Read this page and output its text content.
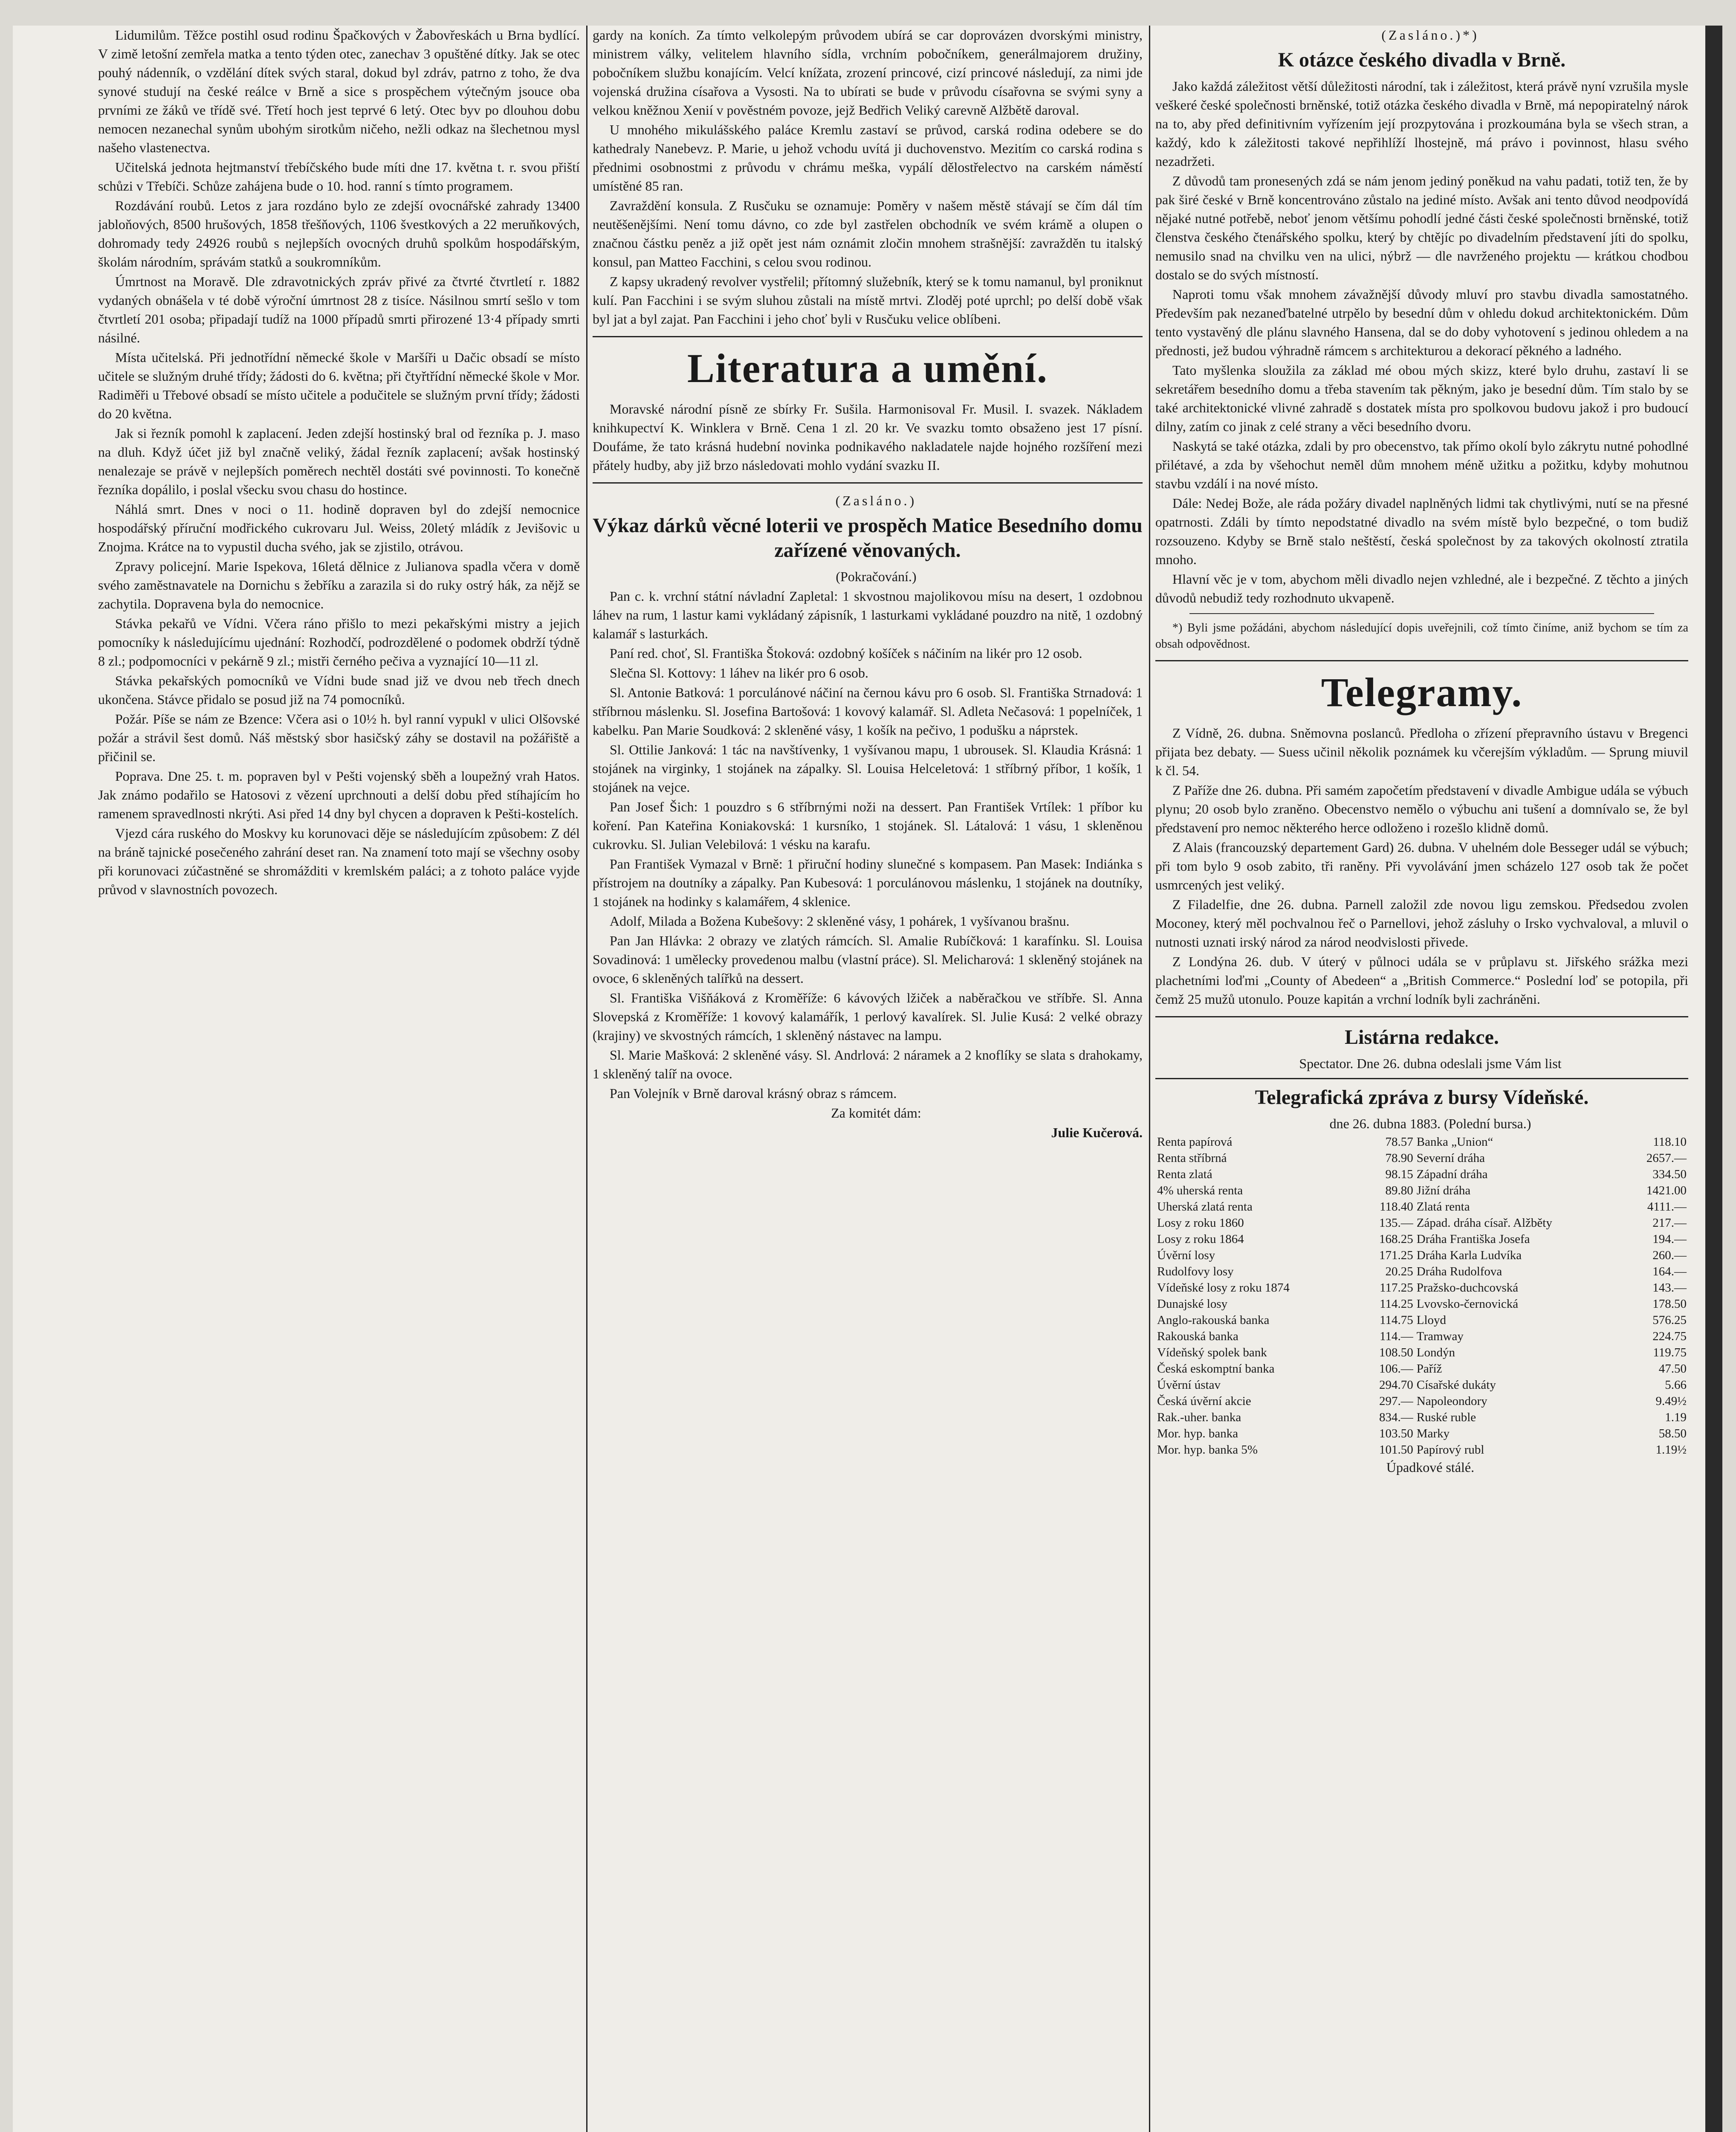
Lidumilům. Těžce postihl osud rodinu Špačkových v Žabovřeskách u Brna bydlící. V zimě letošní zemřela matka a tento týden otec, zanechav 3 opuštěné dítky. Jak se otec pouhý nádenník, o vzdělání dítek svých staral, dokud byl zdráv, patrno z toho, že dva synové studují na české reálce v Brně a sice s prospěchem výtečným jsouce oba prvními ze žáků ve třídě své. Třetí hoch jest teprvé 6 letý. Otec byv po dlouhou dobu nemocen nezanechal synům ubohým sirotkům ničeho, nežli odkaz na šlechetnou mysl našeho vlastenectva.

Učitelská jednota hejtmanství třebíčského bude míti dne 17. května t. r. svou přiští schůzi v Třebíči. Schůze zahájena bude o 10. hod. ranní s tímto programem.

Rozdávání roubů. Letos z jara rozdáno bylo ze zdejší ovocnářské zahrady 13400 jabloňových, 8500 hrušových, 1858 třešňových, 1106 švestkových a 22 meruňkových, dohromady tedy 24926 roubů s nejlepších ovocných druhů spolkům hospodářským, školám národním, správám statků a soukromníkům.

Úmrtnost na Moravě. Dle zdravotnických zpráv přivé za čtvrté čtvrtletí r. 1882 vydaných obnášela v té době výroční úmrtnost 28 z tisíce. Násilnou smrtí sešlo v tom čtvrtletí 201 osoba; připadají tudíž na 1000 případů smrti přirozené 13·4 případy smrti násilné.

Místa učitelská. Při jednotřídní německé škole v Maršíři u Dačic obsadí se místo učitele se služným druhé třídy; žádosti do 6. května; při čtyřtřídní německé škole v Mor. Radiměři u Třebové obsadí se místo učitele a podučitele se služným první třídy; žádosti do 20 května.

Jak si řezník pomohl k zaplacení. Jeden zdejší hostinský bral od řezníka p. J. maso na dluh. Když účet již byl značně veliký, žádal řezník zaplacení; avšak hostinský nenalezaje se právě v nejlepších poměrech nechtěl dostáti své povinnosti. To konečně řezníka dopálilo, i poslal všecku svou chasu do hostince.

Náhlá smrt. Dnes v noci o 11. hodině dopraven byl do zdejší nemocnice hospodářský příruční modřického cukrovaru Jul. Weiss, 20letý mládík z Jevišovic u Znojma. Krátce na to vypustil ducha svého, jak se zjistilo, otrávou.

Zpravy policejní. Marie Ispekova, 16letá dělnice z Julianova spadla včera v domě svého zaměstnavatele na Dornichu s žebříku a zarazila si do ruky ostrý hák, za nějž se zachytila. Dopravena byla do nemocnice.

Stávka pekařů ve Vídni. Včera ráno přišlo to mezi pekařskými mistry a jejich pomocníky k následujícímu ujednání: Rozhodčí, podrozdělené o podomek obdrží týdně 8 zl.; podpomocníci v pekárně 9 zl.; mistři černého pečiva a vyznající 10—11 zl.

Stávka pekařských pomocníků ve Vídni bude snad již ve dvou neb třech dnech ukončena. Stávce přidalo se posud již na 74 pomocníků.

Požár. Píše se nám ze Bzence: Včera asi o 10½ h. byl ranní vypukl v ulici Olšovské požár a strávil šest domů. Náš městský sbor hasičský záhy se dostavil na požářiště a přičinil se.

Poprava. Dne 25. t. m. popraven byl v Pešti vojenský sběh a loupežný vrah Hatos. Jak známo podařilo se Hatosovi z vězení uprchnouti a delší dobu před stíhajícím ho ramenem spravedlnosti nkrýti. Asi před 14 dny byl chycen a dopraven k Pešti-kostelích.

Vjezd cára ruského do Moskvy ku korunovaci děje se následujícím způsobem: Z dél na bráně tajnické posečeného zahrání deset ran. Na znamení toto mají se všechny osoby při korunovaci zúčastněné se shromážditi v kremlském paláci; a z tohoto paláce vyjde průvod v slavnostních povozech.

gardy na koních. Za tímto velkolepým průvodem ubírá se car doprovázen dvorskými ministry, ministrem války, velitelem hlavního sídla, vrchním pobočníkem, generálmajorem družiny, pobočníkem službu konajícím. Velcí knížata, zrození princové, cizí princové následují, za nimi jde vojenská družina císařova a Vysosti. Na to ubírati se bude v průvodu císařovna se svými syny a velkou kněžnou Xenií v pověstném povoze, jejž Bedřich Veliký carevně Alžbětě daroval.

U mnohého mikulášského paláce Kremlu zastaví se průvod, carská rodina odebere se do kathedraly Nanebevz. P. Marie, u jehož vchodu uvítá ji duchovenstvo. Mezitím co carská rodina s přednimi osobnostmi z průvodu v chrámu meška, vypálí dělostřelectvo na carském náměstí umístěné 85 ran.

Zavraždění konsula. Z Rusčuku se oznamuje: Poměry v našem městě stávají se čím dál tím neutěšenějšími. Není tomu dávno, co zde byl zastřelen obchodník ve svém krámě a olupen o značnou částku peněz a již opět jest nám oznámit zločin mnohem strašnější: zavražděn tu italský konsul, pan Matteo Facchini, s celou svou rodinou.

Z kapsy ukradený revolver vystřelil; přítomný služebník, který se k tomu namanul, byl proniknut kulí. Pan Facchini i se svým sluhou zůstali na místě mrtvi. Zloděj poté uprchl; po delší době však byl jat a byl zajat. Pan Facchini i jeho choť byli v Rusčuku velice oblíbeni.

Literatura a umění.

Moravské národní písně ze sbírky Fr. Sušila. Harmonisoval Fr. Musil. I. svazek. Nákladem knihkupectví K. Winklera v Brně. Cena 1 zl. 20 kr. Ve svazku tomto obsaženo jest 17 písní. Doufáme, že tato krásná hudební novinka podnikavého nakladatele najde hojného rozšíření mezi přátely hudby, aby již brzo následovati mohlo vydání svazku II.

(Zasláno.)

Výkaz dárků věcné loterii ve prospěch Matice Besedního domu zařízené věnovaných.

(Pokračování.)

Pan c. k. vrchní státní návladní Zapletal: 1 skvostnou majolikovou mísu na desert, 1 ozdobnou láhev na rum, 1 lastur kami vykládaný zápisník, 1 lasturkami vykládané pouzdro na nitě, 1 ozdobný kalamář s lasturkách.

Paní red. choť, Sl. Františka Štoková: ozdobný košíček s náčiním na likér pro 12 osob.

Slečna Sl. Kottovy: 1 láhev na likér pro 6 osob.

Sl. Antonie Batková: 1 porculánové náčiní na černou kávu pro 6 osob. Sl. Františka Strnadová: 1 stříbrnou máslenku. Sl. Josefina Bartošová: 1 kovový kalamář. Sl. Adleta Nečasová: 1 popelníček, 1 kabelku. Pan Marie Soudková: 2 skleněné vásy, 1 košík na pečivo, 1 podušku a náprstek.

Sl. Ottilie Janková: 1 tác na navštívenky, 1 vyšívanou mapu, 1 ubrousek. Sl. Klaudia Krásná: 1 stojánek na virginky, 1 stojánek na zápalky. Sl. Louisa Helceletová: 1 stříbrný příbor, 1 košík, 1 stojánek na vejce.

Pan Josef Šich: 1 pouzdro s 6 stříbrnými noži na dessert. Pan František Vrtílek: 1 příbor ku koření. Pan Kateřina Koniakovská: 1 kursníko, 1 stojánek. Sl. Látalová: 1 vásu, 1 skleněnou cukrovku. Sl. Julian Velebilová: 1 vésku na karafu.

Pan František Vymazal v Brně: 1 přiruční hodiny slunečné s kompasem. Pan Masek: Indiánka s přístrojem na doutníky a zápalky. Pan Kubesová: 1 porculánovou máslenku, 1 stojánek na doutníky, 1 stojánek na hodinky s kalamářem, 4 sklenice.

Adolf, Milada a Božena Kubešovy: 2 skleněné vásy, 1 pohárek, 1 vyšívanou brašnu.

Pan Jan Hlávka: 2 obrazy ve zlatých rámcích. Sl. Amalie Rubíčková: 1 karafínku. Sl. Louisa Sovadinová: 1 umělecky provedenou malbu (vlastní práce). Sl. Melicharová: 1 skleněný stojánek na ovoce, 6 skleněných talířků na dessert.

Sl. Františka Višňáková z Kroměříže: 6 kávových lžiček a naběračkou ve stříbře. Sl. Anna Slovepská z Kroměříže: 1 kovový kalamářík, 1 perlový kavalírek. Sl. Julie Kusá: 2 velké obrazy (krajiny) ve skvostných rámcích, 1 skleněný nástavec na lampu.

Sl. Marie Mašková: 2 skleněné vásy. Sl. Andrlová: 2 náramek a 2 knoflíky se slata s drahokamy, 1 skleněný talíř na ovoce.

Pan Volejník v Brně daroval krásný obraz s rámcem.

Za komitét dám:

Julie Kučerová.

(Zasláno.)*)

K otázce českého divadla v Brně.

Jako každá záležitost větší důležitosti národní, tak i záležitost, která právě nyní vzrušila mysle veškeré české společnosti brněnské, totiž otázka českého divadla v Brně, má nepopiratelný nárok na to, aby před definitivním vyřízením její prozpytována i prozkoumána byla se všech stran, a každý, kdo k záležitosti takové nepřihlíží lhostejně, má právo i povinnost, hlasu svého nezadržeti.

Z důvodů tam pronesených zdá se nám jenom jediný poněkud na vahu padati, totiž ten, že by pak širé české v Brně koncentrováno zůstalo na jediné místo. Avšak ani tento důvod neodpovídá nějaké nutné potřebě, neboť jenom většímu pohodlí jedné části české společnosti brněnské, totiž členstva českého čtenářského spolku, který by chtějíc po divadelním představení jíti do spolku, nemusilo snad na chvilku ven na ulici, nýbrž — dle navrženého projektu — krátkou chodbou dostalo se do svých místností.

Naproti tomu však mnohem závažnější důvody mluví pro stavbu divadla samostatného. Především pak nezaneďbatelné utrpělo by besední dům v ohledu dokud architektonickém. Dům tento vystavěný dle plánu slavného Hansena, dal se do doby vyhotovení s jedinou ohledem a na přednosti, jež budou výhradně rámcem s architekturou a dekorací pěkného a ladného.

Tato myšlenka sloužila za základ mé obou mých skizz, které bylo druhu, zastaví li se sekretářem besedního domu a třeba stavením tak pěkným, jako je besední dům. Tím stalo by se také architektonické vlivné zahradě s dostatek místa pro spolkovou budovu jakož i pro budoucí dilny, zatím co jinak z celé strany a věci besedního dvoru.

Naskytá se také otázka, zdali by pro obecenstvo, tak přímo okolí bylo zákrytu nutné pohodlné přilétavé, a zda by všehochut neměl dům mnohem méně užitku a požitku, kdyby mohutnou stavbu vzdálí i na nové místo.

Dále: Nedej Bože, ale ráda požáry divadel naplněných lidmi tak chytlivými, nutí se na přesné opatrnosti. Zdáli by tímto nepodstatné divadlo na svém místě bylo bezpečné, o tom budiž rozsouzeno. Kdyby se Brně stalo neštěstí, česká společnost by za takových okolností ztratila mnoho.

Hlavní věc je v tom, abychom měli divadlo nejen vzhledné, ale i bezpečné. Z těchto a jiných důvodů nebudiž tedy rozhodnuto ukvapeně.

*) Byli jsme požádáni, abychom následující dopis uveřejnili, což tímto činíme, aniž bychom se tím za obsah odpovědnost.

Telegramy.

Z Vídně, 26. dubna. Sněmovna poslanců. Předloha o zřízení přepravního ústavu v Bregenci přijata bez debaty. — Suess učinil několik poznámek ku včerejším výkladům. — Sprung miuvil k čl. 54.

Z Paříže dne 26. dubna. Při samém započetím představení v divadle Ambigue udála se výbuch plynu; 20 osob bylo zraněno. Obecenstvo nemělo o výbuchu ani tušení a domnívalo se, že byl představení pro nemoc některého herce odloženo i rozešlo klidně domů.

Z Alais (francouzský departement Gard) 26. dubna. V uhelném dole Besseger udál se výbuch; při tom bylo 9 osob zabito, tři raněny. Při vyvolávání jmen scházelo 127 osob tak že počet usmrcených jest veliký.

Z Filadelfie, dne 26. dubna. Parnell založil zde novou ligu zemskou. Předsedou zvolen Moconey, který měl pochvalnou řeč o Parnellovi, jehož zásluhy o Irsko vychvaloval, a mluvil o nutnosti uznati irský národ za národ neodvislosti přivede.

Z Londýna 26. dub. V úterý v půlnoci udála se v průplavu st. Jiřského srážka mezi plachetními loďmi „County of Abedeen“ a „British Commerce.“ Poslední loď se potopila, při čemž 25 mužů utonulo. Pouze kapitán a vrchní lodník byli zachráněni.

Listárna redakce.

Spectator. Dne 26. dubna odeslali jsme Vám list

Telegrafická zpráva z bursy Vídeňské.

dne 26. dubna 1883. (Polední bursa.)

Renta papírová	78.57	Banka „Union“	118.10
Renta stříbrná	78.90	Severní dráha	2657.—
Renta zlatá	98.15	Západní dráha	334.50
4% uherská renta	89.80	Jižní dráha	1421.00
Uherská zlatá renta	118.40	Zlatá renta	4111.—
Losy z roku 1860	135.—	Západ. dráha císař. Alžběty	217.—
Losy z roku 1864	168.25	Dráha Františka Josefa	194.—
Úvěrní losy	171.25	Dráha Karla Ludvíka	260.—
Rudolfovy losy	20.25	Dráha Rudolfova	164.—
Vídeňské losy z roku 1874	117.25	Pražsko-duchcovská	143.—
Dunajské losy	114.25	Lvovsko-černovická	178.50
Anglo-rakouská banka	114.75	Lloyd	576.25
Rakouská banka	114.—	Tramway	224.75
Vídeňský spolek bank	108.50	Londýn	119.75
Česká eskomptní banka	106.—	Paříž	47.50
Úvěrní ústav	294.70	Císařské dukáty	5.66
Česká úvěrní akcie	297.—	Napoleondory	9.49½
Rak.-uher. banka	834.—	Ruské ruble	1.19
Mor. hyp. banka	103.50	Marky	58.50
Mor. hyp. banka 5%	101.50	Papírový rubl	1.19½

Úpadkové stálé.
